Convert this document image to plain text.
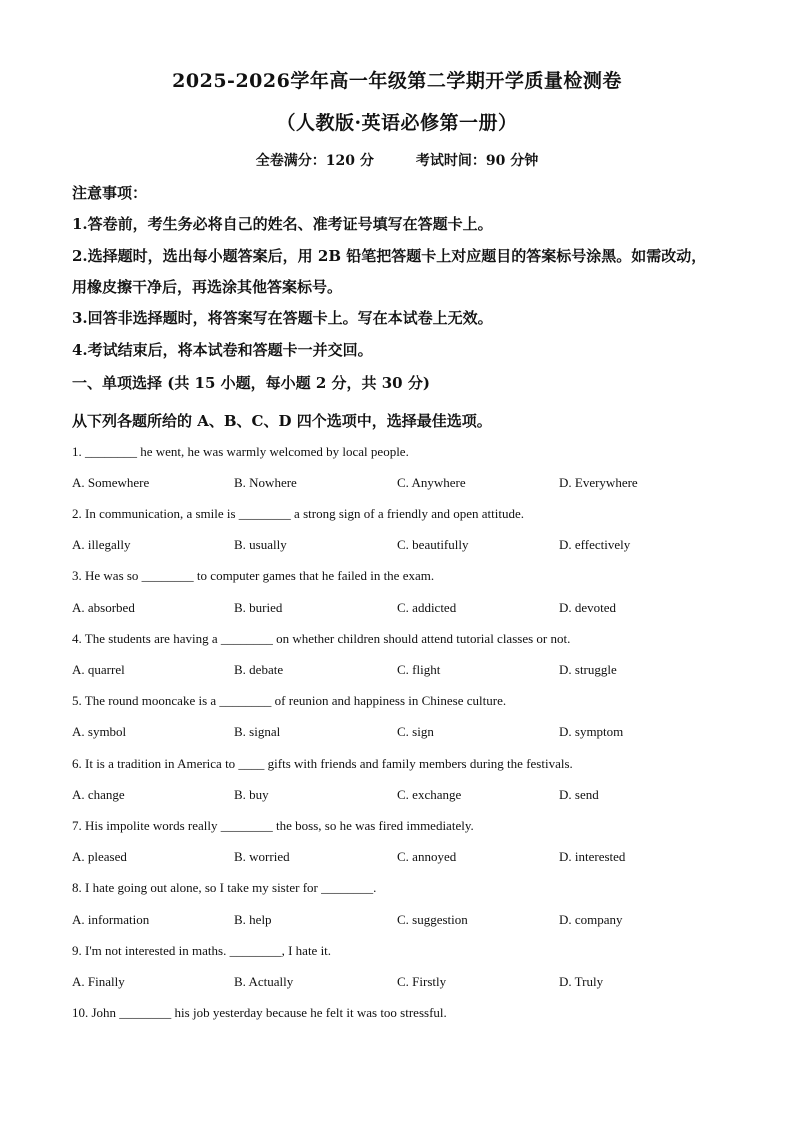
2025-2026学年高一年级第二学期开学质量检测卷
（人教版·英语必修第一册）
全卷满分：120 分	考试时间：90 分钟
注意事项：
1.答卷前，考生务必将自己的姓名、准考证号填写在答题卡上。
2.选择题时，选出每小题答案后，用 2B 铅笔把答题卡上对应题目的答案标号涂黑。如需改动，
用橡皮擦干净后，再选涂其他答案标号。
3.回答非选择题时，将答案写在答题卡上。写在本试卷上无效。
4.考试结束后，将本试卷和答题卡一并交回。
一、单项选择 (共 15 小题，每小题 2 分，共 30 分)
从下列各题所给的 A、B、C、D 四个选项中，选择最佳选项。
1. ________ he went, he was warmly welcomed by local people.
A. Somewhere	B. Nowhere	C. Anywhere	D. Everywhere
2. In communication, a smile is ________ a strong sign of a friendly and open attitude.
A. illegally	B. usually	C. beautifully	D. effectively
3. He was so ________ to computer games that he failed in the exam.
A. absorbed	B. buried	C. addicted	D. devoted
4. The students are having a ________ on whether children should attend tutorial classes or not.
A. quarrel	B. debate	C. flight	D. struggle
5. The round mooncake is a ________ of reunion and happiness in Chinese culture.
A. symbol	B. signal	C. sign	D. symptom
6. It is a tradition in America to ____ gifts with friends and family members during the festivals.
A. change	B. buy	C. exchange	D. send
7. His impolite words really ________ the boss, so he was fired immediately.
A. pleased	B. worried	C. annoyed	D. interested
8. I hate going out alone, so I take my sister for ________.
A. information	B. help	C. suggestion	D. company
9. I'm not interested in maths. ________, I hate it.
A. Finally	B. Actually	C. Firstly	D. Truly
10. John ________ his job yesterday because he felt it was too stressful.
